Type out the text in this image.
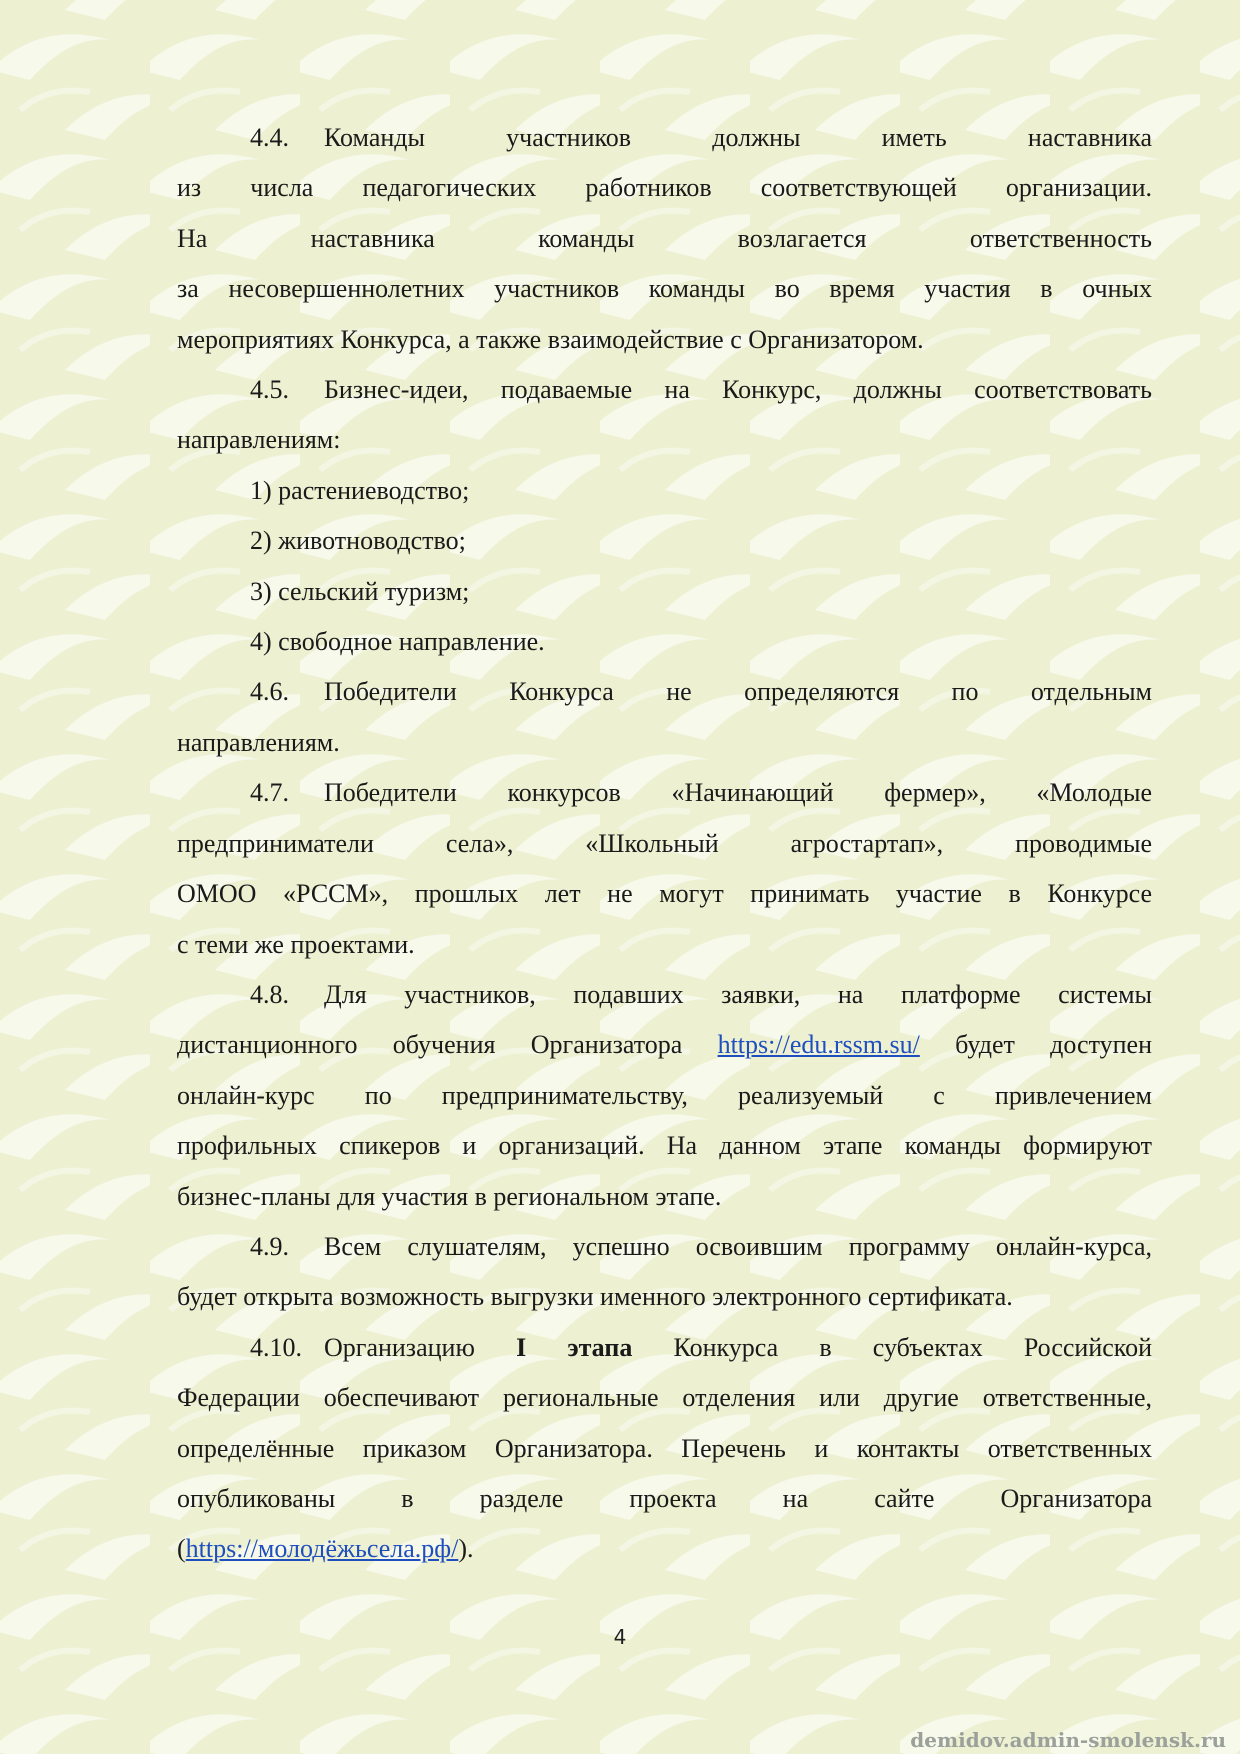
4.4. Команды участников должны иметь наставника

из числа педагогических работников соответствующей организации.

На наставника команды возлагается ответственность

за несовершеннолетних участников команды во время участия в очных

мероприятиях Конкурса, а также взаимодействие с Организатором.

4.5. Бизнес-идеи, подаваемые на Конкурс, должны соответствовать

направлениям:

1) растениеводство;

2) животноводство;

3) сельский туризм;

4) свободное направление.

4.6. Победители Конкурса не определяются по отдельным

направлениям.

4.7. Победители конкурсов «Начинающий фермер», «Молодые

предприниматели села», «Школьный агростартап», проводимые

ОМОО «РССМ», прошлых лет не могут принимать участие в Конкурсе

с теми же проектами.

4.8. Для участников, подавших заявки, на платформе системы

дистанционного обучения Организатора https://edu.rssm.su/ будет доступен

онлайн-курс по предпринимательству, реализуемый с привлечением

профильных спикеров и организаций. На данном этапе команды формируют

бизнес-планы для участия в региональном этапе.

4.9. Всем слушателям, успешно освоившим программу онлайн-курса,

будет открыта возможность выгрузки именного электронного сертификата.

4.10. Организацию I этапа Конкурса в субъектах Российской

Федерации обеспечивают региональные отделения или другие ответственные,

определённые приказом Организатора. Перечень и контакты ответственных

опубликованы в разделе проекта на сайте Организатора

(https://молодёжьсела.рф/).

4
demidov.admin-smolensk.ru
